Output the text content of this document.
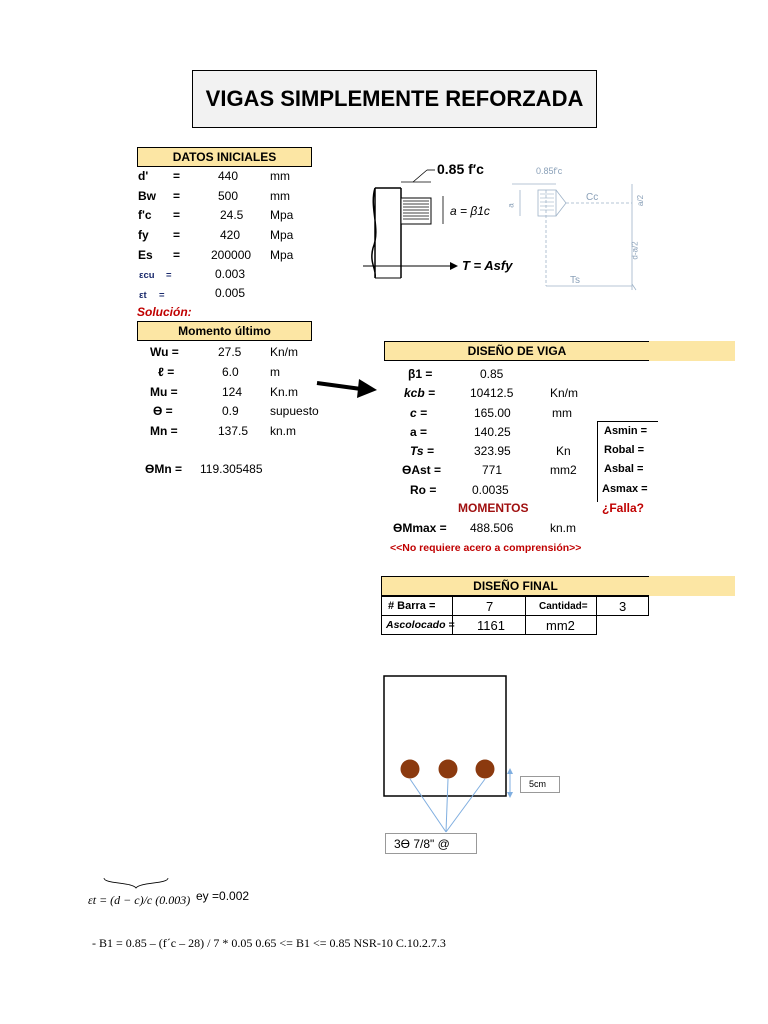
VIGAS SIMPLEMENTE REFORZADA
DATOS INICIALES
d' =	440	mm
Bw =	500	mm
f'c =	24.5 Mpa
fy =	420 Mpa
Es =	200000 Mpa
εcu =	0.003
εt =	0.005
Solución:
Momento último
Wu =	27.5 Kn/m
ℓ =	6.0	m
Mu =	124 Kn.m
ϴ =	0.9	supuesto
Mn =	137.5 kn.m
ϴMn = 119.305485
0.85 f′c
a = β1c
T = Asfy
0.85f'c
Cc
Ts
a	a/2
d-a/2
DISEÑO DE VIGA
β1 =	0.85
kcb =	10412.5	Kn/m
c =	165.00	mm
a =	140.25
Ts =	323.95	Kn
ϴAst =	771	mm2
Ro =	0.0035
Asmin =
Robal =
Asbal =
Asmax =
¿Falla?
MOMENTOS
ϴMmax = 488.506	kn.m
<<No requiere acero a comprensión>>
DISEÑO FINAL
# Barra =	7	Cantidad= 3
Ascolocado = 1161	mm2
5cm
3ϴ 7/8" @
εt = (d − c)/c (0.003) ey =0.002
- B1 = 0.85 – (f´c – 28) / 7 * 0.05 0.65 <= B1 <= 0.85 NSR-10 C.10.2.7.3
